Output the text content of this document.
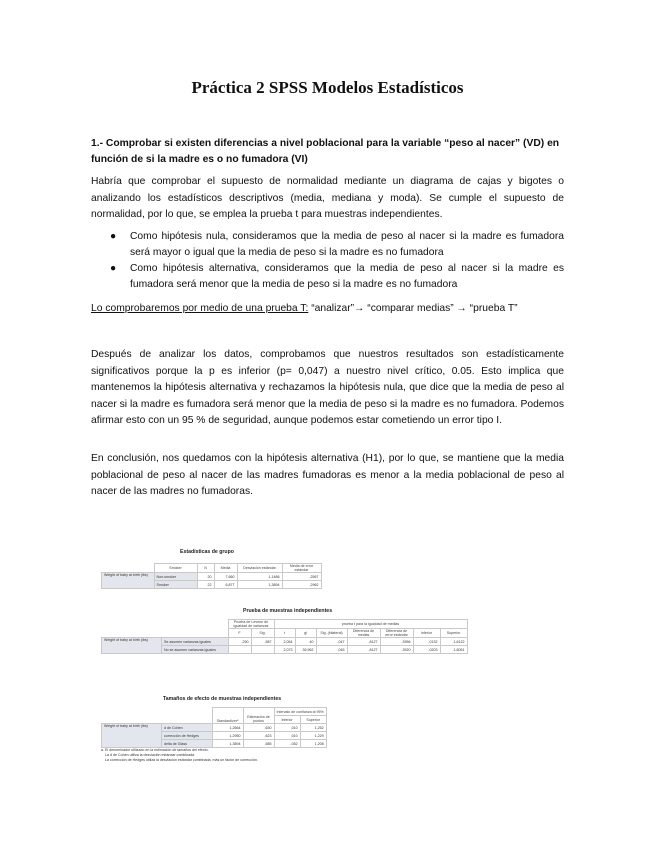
Práctica 2 SPSS Modelos Estadísticos
1.- Comprobar si existen diferencias a nivel poblacional para la variable “peso al nacer” (VD) en función de si la madre es o no fumadora (VI)
Habría que comprobar el supuesto de normalidad mediante un diagrama de cajas y bigotes o analizando los estadísticos descriptivos (media, mediana y moda). Se cumple el supuesto de normalidad, por lo que, se emplea la prueba t para muestras independientes.
● Como hipótesis nula, consideramos que la media de peso al nacer si la madre es fumadora será mayor o igual que la media de peso si la madre es no fumadora
● Como hipótesis alternativa, consideramos que la media de peso al nacer si la madre es fumadora será menor que la media de peso si la madre es no fumadora
Lo comprobaremos por medio de una prueba T: “analizar”→ “comparar medias” → “prueba T”
Después de analizar los datos, comprobamos que nuestros resultados son estadísticamente significativos porque la p es inferior (p= 0,047) a nuestro nivel crítico, 0.05. Esto implica que mantenemos la hipótesis alternativa y rechazamos la hipótesis nula, que dice que la media de peso al nacer si la madre es fumadora será menor que la media de peso si la madre es no fumadora. Podemos afirmar esto con un 95 % de seguridad, aunque podemos estar cometiendo un error tipo I.
En conclusión, nos quedamos con la hipótesis alternativa (H1), por lo que, se mantiene que la media poblacional de peso al nacer de las madres fumadoras es menor a la media poblacional de peso al nacer de las madres no fumadoras.
Estadísticas de grupo
	Smoker	N	Media	Desviación estándar	Media de error estándar
Weight of baby at birth (lbs)	Non-smoker	20	7,660	1,1486	,2567
	Smoker	22	6,877	1,3894	,2962
Prueba de muestras independientes
		Prueba de Levene de igualdad de varianzas		prueba t para la igualdad de medias						
		F	Sig.	t	gl	Sig. (bilateral)	Diferencia de medias	Diferencia de error estándar	Inferior	Superior
Weight of baby at birth (lbs)	Se asumen varianzas iguales	,290	,587	2,054	40	,047	,8127	,3956	,0132	1,6122
	No se asumen varianzas iguales			2,073	39,962	,045	,8127	,3920	,0203	1,6051
Tamaños de efecto de muestras independientes
		Standardizerᵃ	Estimación de puntos	Intervalo de confianza al 95%	
				Inferior	Superior
Weight of baby at birth (lbs)	d de Cohen	1,2664	,630	,010	1,252
	corrección de Hedges	1,2950	,623	,010	1,229
	delta de Glass	1,3894	,585	-,052	1,208
a. El denominador utilizado en la estimación de tamaños del efecto.
La d de Cohen utiliza la desviación estándar combinada.
La corrección de Hedges utiliza la desviación estándar combinada, más un factor de corrección.
